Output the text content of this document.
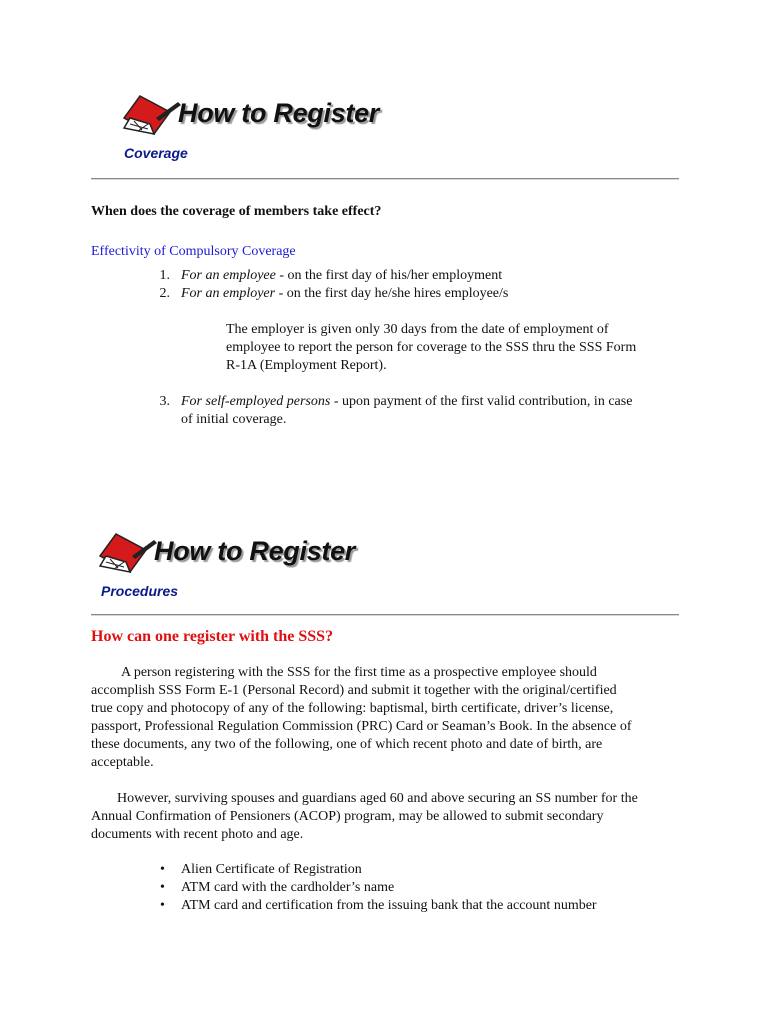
How to Register
Coverage
When does the coverage of members take effect?
Effectivity of Compulsory Coverage
1. For an employee - on the first day of his/her employment
2. For an employer - on the first day he/she hires employee/s
The employer is given only 30 days from the date of employment of
employee to report the person for coverage to the SSS thru the SSS Form
R-1A (Employment Report).
3. For self-employed persons - upon payment of the first valid contribution, in case
of initial coverage.
How to Register
Procedures
How can one register with the SSS?
A person registering with the SSS for the first time as a prospective employee should
accomplish SSS Form E-1 (Personal Record) and submit it together with the original/certified
true copy and photocopy of any of the following: baptismal, birth certificate, driver’s license,
passport, Professional Regulation Commission (PRC) Card or Seaman’s Book. In the absence of
these documents, any two of the following, one of which recent photo and date of birth, are
acceptable.
However, surviving spouses and guardians aged 60 and above securing an SS number for the
Annual Confirmation of Pensioners (ACOP) program, may be allowed to submit secondary
documents with recent photo and age.
• Alien Certificate of Registration
• ATM card with the cardholder’s name
• ATM card and certification from the issuing bank that the account number
